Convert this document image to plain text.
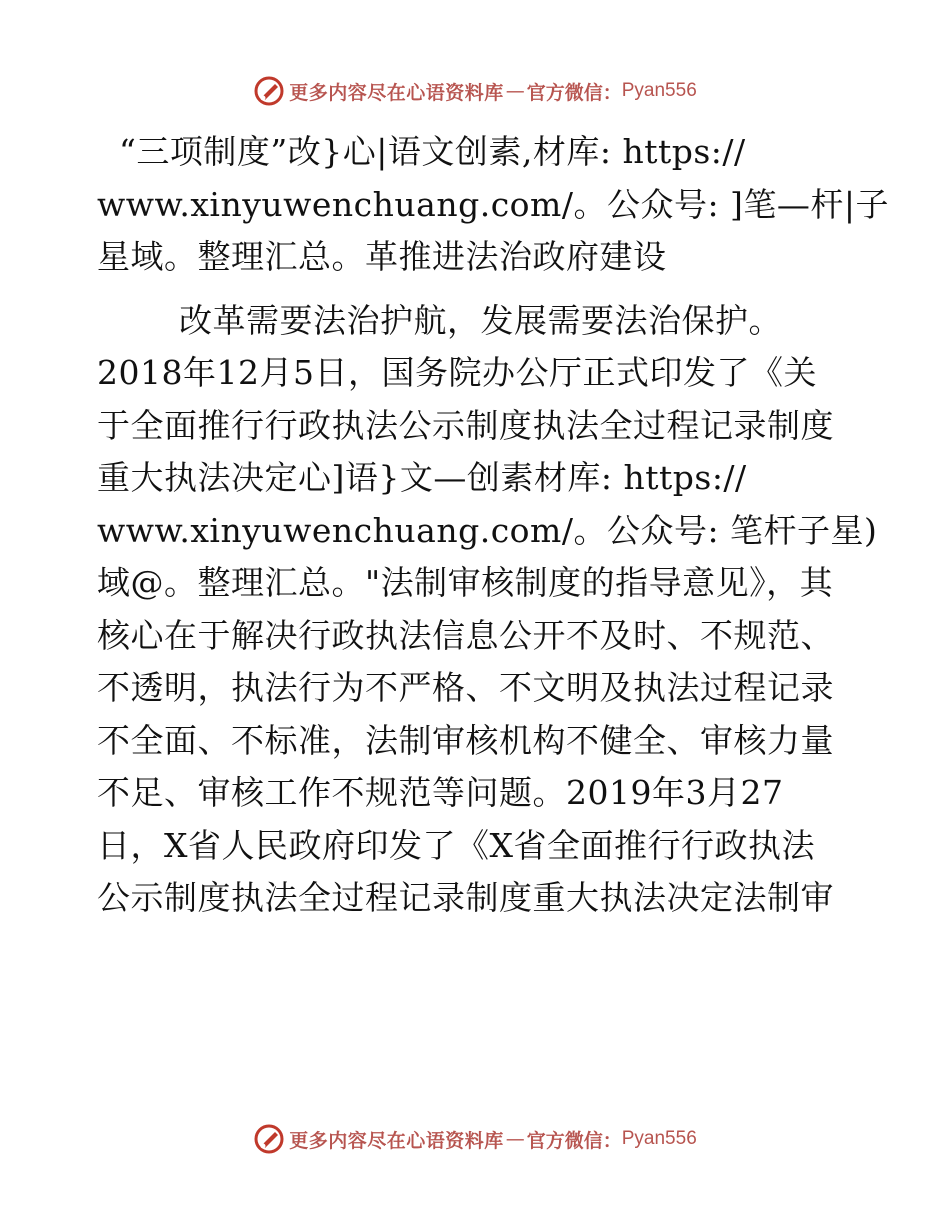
更多内容尽在心语资料库 — 官方微信： Pyan556
“三项制度”改}心|语文创素,材库: https://
www.xinyuwenchuang.com/。公众号: ]笔—杆|子
星域。整理汇总。革推进法治政府建设
改革需要法治护航，发展需要法治保护。
2018年12月5日，国务院办公厅正式印发了《关
于全面推行行政执法公示制度执法全过程记录制度
重大执法决定心]语}文—创素材库: https://
www.xinyuwenchuang.com/。公众号: 笔杆子星)
域@。整理汇总。"法制审核制度的指导意见》，其
核心在于解决行政执法信息公开不及时、不规范、
不透明，执法行为不严格、不文明及执法过程记录
不全面、不标准，法制审核机构不健全、审核力量
不足、审核工作不规范等问题。2019年3月27
日，X省人民政府印发了《X省全面推行行政执法
公示制度执法全过程记录制度重大执法决定法制审
更多内容尽在心语资料库 — 官方微信： Pyan556
